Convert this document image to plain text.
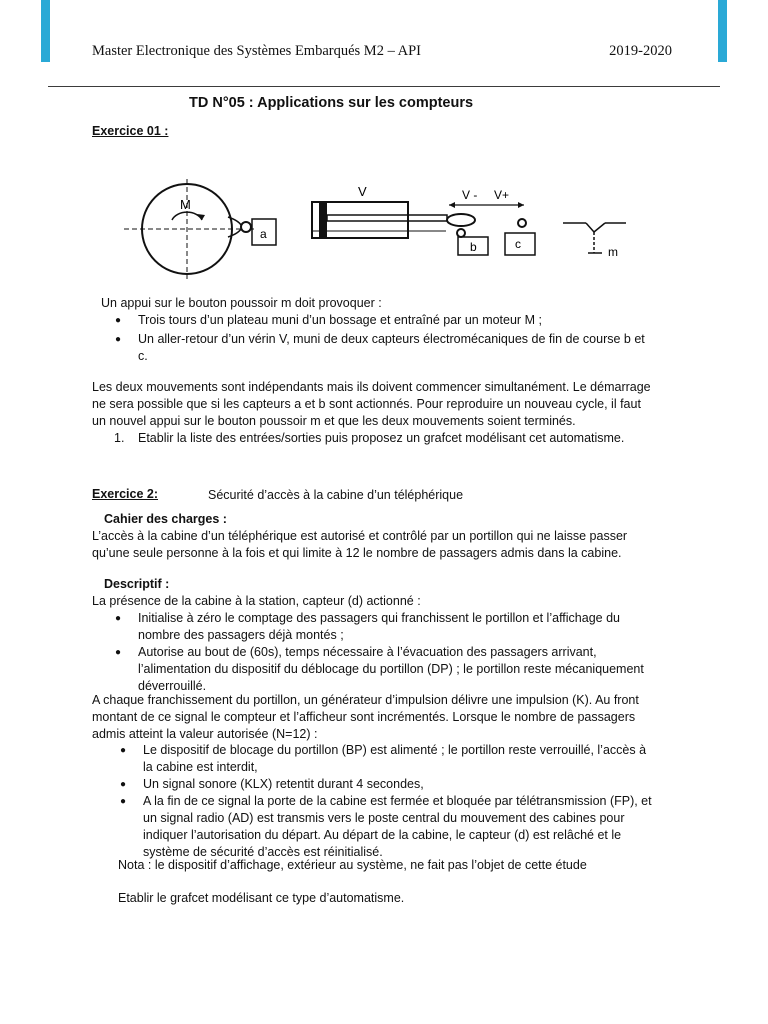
Master Electronique des Systèmes Embarqués M2 – API	2019-2020
TD N°05 : Applications sur les compteurs
Exercice 01 :
M
a
V	V - V+
b	c
m
Un appui sur le bouton poussoir m doit provoquer :
● Trois tours d’un plateau muni d’un bossage et entraîné par un moteur M ;
● Un aller-retour d’un vérin V, muni de deux capteurs électromécaniques de fin de course b et
c.
Les deux mouvements sont indépendants mais ils doivent commencer simultanément. Le démarrage
ne sera possible que si les capteurs a et b sont actionnés. Pour reproduire un nouveau cycle, il faut
un nouvel appui sur le bouton poussoir m et que les deux mouvements soient terminés.
1. Etablir la liste des entrées/sorties puis proposez un grafcet modélisant cet automatisme.
Exercice 2:	Sécurité d’accès à la cabine d’un téléphérique
Cahier des charges :
L’accès à la cabine d’un téléphérique est autorisé et contrôlé par un portillon qui ne laisse passer
qu’une seule personne à la fois et qui limite à 12 le nombre de passagers admis dans la cabine.
Descriptif :
La présence de la cabine à la station, capteur (d) actionné :
● Initialise à zéro le comptage des passagers qui franchissent le portillon et l’affichage du
nombre des passagers déjà montés ;
● Autorise au bout de (60s), temps nécessaire à l’évacuation des passagers arrivant,
l’alimentation du dispositif du déblocage du portillon (DP) ; le portillon reste mécaniquement
déverrouillé.
A chaque franchissement du portillon, un générateur d’impulsion délivre une impulsion (K). Au front
montant de ce signal le compteur et l’afficheur sont incrémentés. Lorsque le nombre de passagers
admis atteint la valeur autorisée (N=12) :
● Le dispositif de blocage du portillon (BP) est alimenté ; le portillon reste verrouillé, l’accès à
la cabine est interdit,
● Un signal sonore (KLX) retentit durant 4 secondes,
● A la fin de ce signal la porte de la cabine est fermée et bloquée par télétransmission (FP), et
un signal radio (AD) est transmis vers le poste central du mouvement des cabines pour
indiquer l’autorisation du départ. Au départ de la cabine, le capteur (d) est relâché et le
système de sécurité d’accès est réinitialisé.
Nota : le dispositif d’affichage, extérieur au système, ne fait pas l’objet de cette étude
Etablir le grafcet modélisant ce type d’automatisme.
